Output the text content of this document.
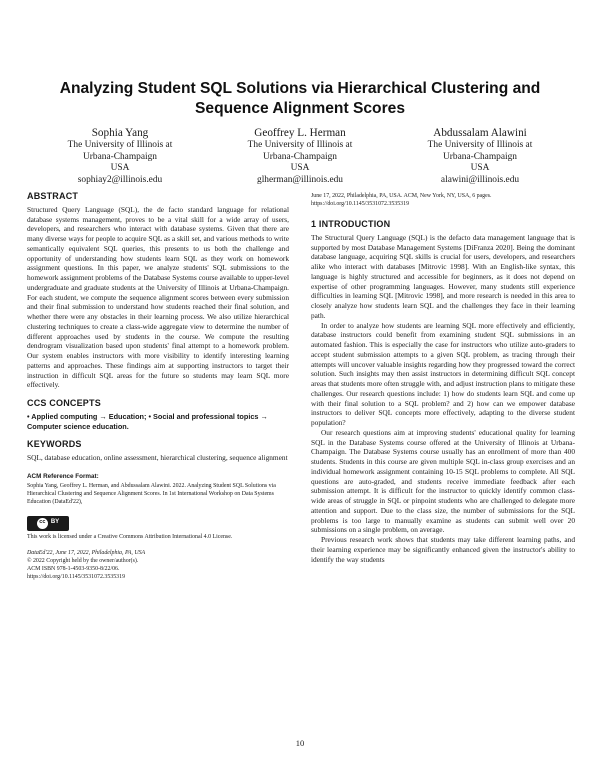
Analyzing Student SQL Solutions via Hierarchical Clustering and Sequence Alignment Scores
Sophia Yang
The University of Illinois at
Urbana-Champaign
USA
sophiay2@illinois.edu
Geoffrey L. Herman
The University of Illinois at
Urbana-Champaign
USA
glherman@illinois.edu
Abdussalam Alawini
The University of Illinois at
Urbana-Champaign
USA
alawini@illinois.edu
ABSTRACT

Structured Query Language (SQL), the de facto standard language for relational database systems management, proves to be a vital skill for a wide array of users, developers, and researchers who interact with database systems. Given that there are many diverse ways for people to acquire SQL as a skill set, and various methods to write semantically equivalent SQL queries, this presents to us both the challenge and opportunity of understanding how students learn SQL as they work on homework assignment questions. In this paper, we analyze students' SQL submissions to the homework assignment problems of the Database Systems course available to upper-level undergraduate and graduate students at the University of Illinois at Urbana-Champaign. For each student, we compute the sequence alignment scores between every submission and their final submission to understand how students reached their final solution, and whether there were any obstacles in their learning process. We also utilize hierarchical clustering techniques to create a class-wide aggregate view to determine the number of different approaches used by students in the course. We compute the resulting dendrogram visualization based upon students' final attempt to a homework problem. Our system enables instructors with more visibility to identify interesting learning patterns and approaches. These findings aim at supporting instructors to target their instruction in difficult SQL areas for the future so students may learn SQL more effectively.

CCS CONCEPTS

• Applied computing → Education; • Social and professional topics → Computer science education.

KEYWORDS

SQL, database education, online assessment, hierarchical clustering, sequence alignment

ACM Reference Format:

Sophia Yang, Geoffrey L. Herman, and Abdussalam Alawini. 2022. Analyzing Student SQL Solutions via Hierarchical Clustering and Sequence Alignment Scores. In 1st International Workshop on Data Systems Education (DataEd'22),

cc BY

This work is licensed under a Creative Commons Attribution International 4.0 License.

DataEd'22, June 17, 2022, Philadelphia, PA, USA
© 2022 Copyright held by the owner/author(s).
ACM ISBN 978-1-4503-9350-8/22/06.
https://doi.org/10.1145/3531072.3535319

June 17, 2022, Philadelphia, PA, USA. ACM, New York, NY, USA, 6 pages. https://doi.org/10.1145/3531072.3535319

1 INTRODUCTION

The Structural Query Language (SQL) is the defacto data management language that is supported by most Database Management Systems [DiFranza 2020]. Being the dominant database language, acquiring SQL skills is crucial for users, developers, and researchers alike who interact with databases [Mitrovic 1998]. With an English-like syntax, this language is highly structured and accessible for beginners, as it does not depend on expertise of other programming languages. However, many students still experience difficulties in learning SQL [Mitrovic 1998], and more research is needed in this area to closely analyze how students learn SQL and the challenges they face in their learning path.

In order to analyze how students are learning SQL more effectively and efficiently, database instructors could benefit from examining student SQL submissions in an automated fashion. This is especially the case for instructors who utilize auto-graders to accept student submission attempts to a given SQL problem, as tracing through their attempts will uncover valuable insights regarding how they progressed toward the correct solution. Such insights may then assist instructors in determining difficult SQL concept areas that students more often struggle with, and adjust instruction plans to mitigate these challenges. Our research questions include: 1) how do students learn SQL and come up with their final solution to a SQL problem? and 2) how can we empower database instructors to deliver SQL concepts more effectively, adapting to the diverse student population?

Our research questions aim at improving students' educational quality for learning SQL in the Database Systems course offered at the University of Illinois at Urbana-Champaign. The Database Systems course usually has an enrollment of more than 400 students. Students in this course are given multiple SQL in-class group exercises and an individual homework assignment containing 10-15 SQL problems to complete. All SQL questions are auto-graded, and students receive immediate feedback after each submission attempt. It is difficult for the instructor to quickly identify common class-wide areas of struggle in SQL or pinpoint students who are challenged to delegate more attention and support. Due to the class size, the number of submissions for the SQL problems is too large to manually examine as students can submit well over 20 submissions on a single problem, on average.

Previous research work shows that students may take different learning paths, and their learning experience may be significantly enhanced given the instructor's ability to identify the way students

10
